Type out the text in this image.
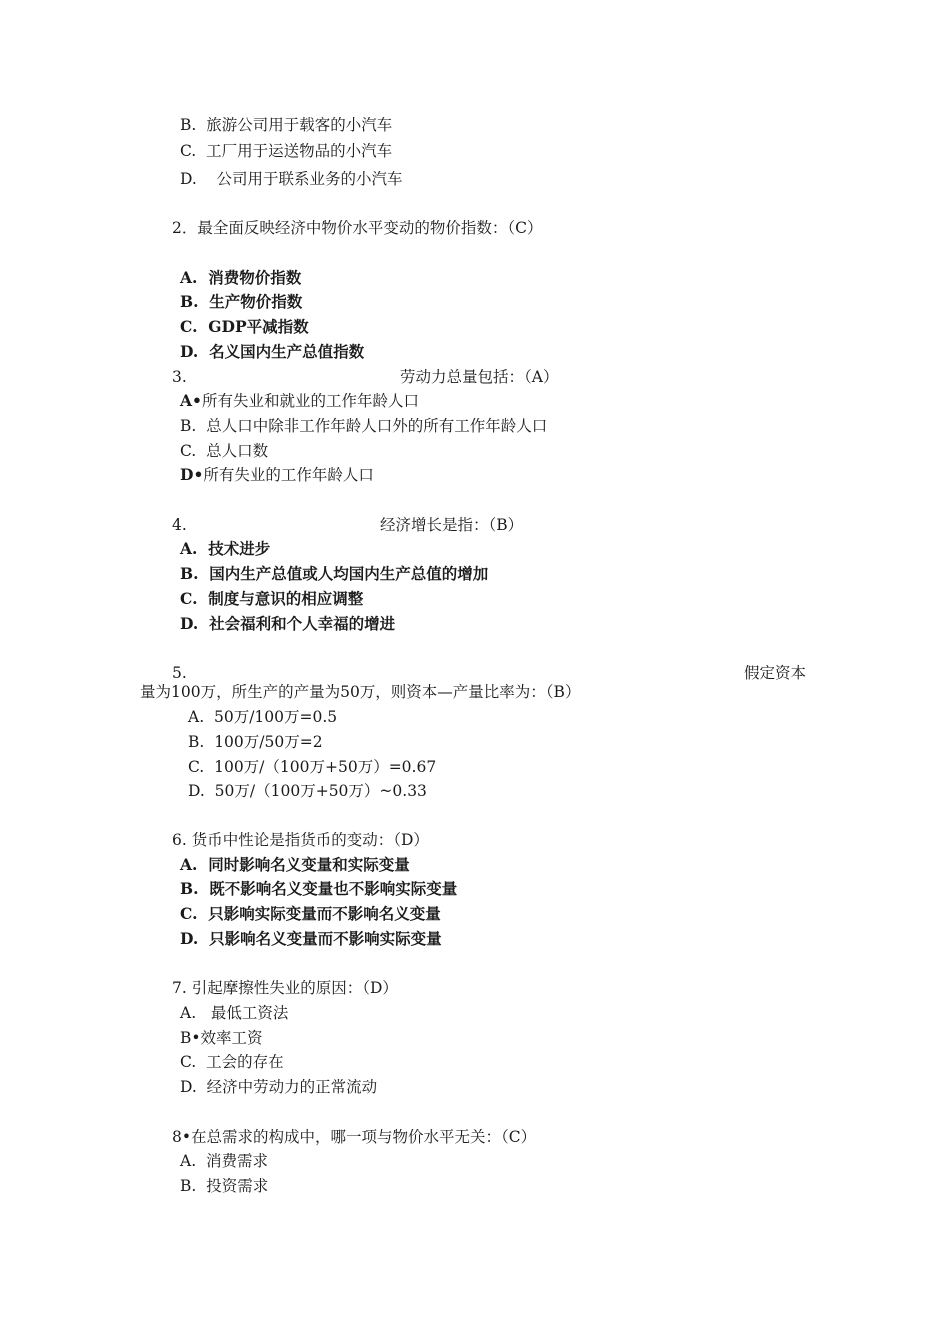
B. 旅游公司用于载客的小汽车
C. 工厂用于运送物品的小汽车
D. 公司用于联系业务的小汽车
2．最全面反映经济中物价水平变动的物价指数：（C）
A. 消费物价指数
B. 生产物价指数
C. GDP平减指数
D. 名义国内生产总值指数
3.	劳动力总量包括：（A）
A•所有失业和就业的工作年龄人口
B. 总人口中除非工作年龄人口外的所有工作年龄人口
C. 总人口数
D•所有失业的工作年龄人口
4.	经济增长是指：（B）
A. 技术进步
B. 国内生产总值或人均国内生产总值的增加
C. 制度与意识的相应调整
D. 社会福利和个人幸福的增进
5.	假定资本
量为100万，所生产的产量为50万，则资本—产量比率为：（B）
A. 50万/100万=0.5
B. 100万/50万=2
C. 100万/（100万+50万）=0.67
D. 50万/（100万+50万）~0.33
6. 货币中性论是指货币的变动：（D）
A. 同时影响名义变量和实际变量
B. 既不影响名义变量也不影响实际变量
C. 只影响实际变量而不影响名义变量
D. 只影响名义变量而不影响实际变量
7. 引起摩擦性失业的原因：（D）
A. 最低工资法
B•效率工资
C. 工会的存在
D. 经济中劳动力的正常流动
8•在总需求的构成中，哪一项与物价水平无关：（C）
A. 消费需求
B. 投资需求
